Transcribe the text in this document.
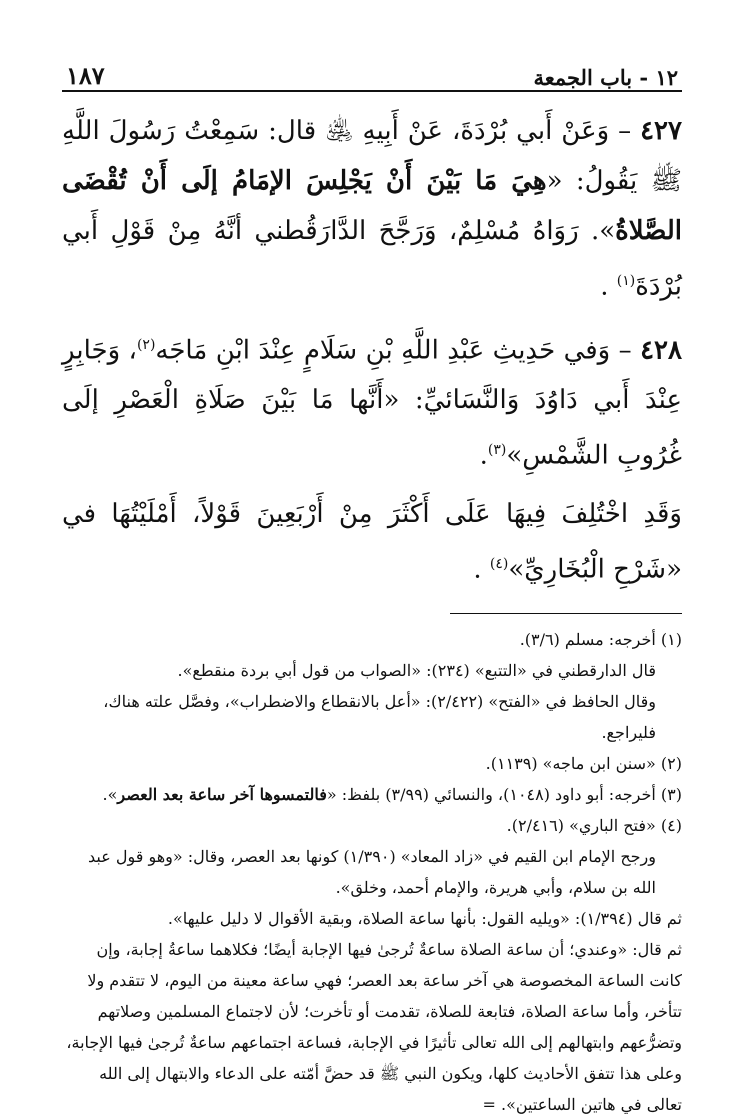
١٨٧	١٢ - باب الجمعة

٤٢٧ – وَعَنْ أَبي بُرْدَةَ، عَنْ أَبِيهِ ﵁ قال: سَمِعْتُ رَسُولَ اللَّهِ ﷺ يَقُولُ: «هِيَ مَا بَيْنَ أَنْ يَجْلِسَ الإمَامُ إلَى أَنْ تُقْضَى الصَّلاةُ». رَوَاهُ مُسْلِمٌ، وَرَجَّحَ الدَّارَقُطني أنَّهُ مِنْ قَوْلِ أَبي بُرْدَةَ$^{(١)}$ .

٤٢٨ – وَفي حَدِيثِ عَبْدِ اللَّهِ بْنِ سَلَامٍ عِنْدَ ابْنِ مَاجَه$^{(٢)}$، وَجَابِرٍ عِنْدَ أَبي دَاوُدَ وَالنَّسَائيِّ: «أَنَّها مَا بَيْنَ صَلَاةِ الْعَصْرِ إلَى غُرُوبِ الشَّمْسِ»$^{(٣)}$.

وَقَدِ اخْتُلِفَ فِيهَا عَلَى أَكْثَرَ مِنْ أَرْبَعِينَ قَوْلاً، أَمْلَيْتُهَا في «شَرْحِ الْبُخَارِيِّ»$^{(٤)}$ .

(١) أخرجه: مسلم (٣/٦).

قال الدارقطني في «التتبع» (٢٣٤): «الصواب من قول أبي بردة منقطع».

وقال الحافظ في «الفتح» (٢/٤٢٢): «أعل بالانقطاع والاضطراب»، وفصَّل علته هناك، فليراجع.

(٢) «سنن ابن ماجه» (١١٣٩).

(٣) أخرجه: أبو داود (١٠٤٨)، والنسائي (٣/٩٩) بلفظ: «فالتمسوها آخر ساعة بعد العصر».

(٤) «فتح الباري» (٢/٤١٦).

ورجح الإمام ابن القيم في «زاد المعاد» (١/٣٩٠) كونها بعد العصر، وقال: «وهو قول عبد الله بن سلام، وأبي هريرة، والإمام أحمد، وخلق».

ثم قال (١/٣٩٤): «ويليه القول: بأنها ساعة الصلاة، وبقية الأقوال لا دليل عليها».

ثم قال: «وعندي؛ أن ساعة الصلاة ساعةٌ تُرجىٰ فيها الإجابة أيضًا؛ فكلاهما ساعةُ إجابة، وإن كانت الساعة المخصوصة هي آخر ساعة بعد العصر؛ فهي ساعة معينة من اليوم، لا تتقدم ولا تتأخر، وأما ساعة الصلاة، فتابعة للصلاة، تقدمت أو تأخرت؛ لأن لاجتماع المسلمين وصلاتهم وتضرُّعهم وابتهالهم إلى الله تعالى تأثيرًا في الإجابة، فساعة اجتماعهم ساعةٌ تُرجىٰ فيها الإجابة، وعلى هذا تتفق الأحاديث كلها، ويكون النبي ﷺ قد حضَّ أمّته على الدعاء والابتهال إلى الله تعالى في هاتين الساعتين». =
